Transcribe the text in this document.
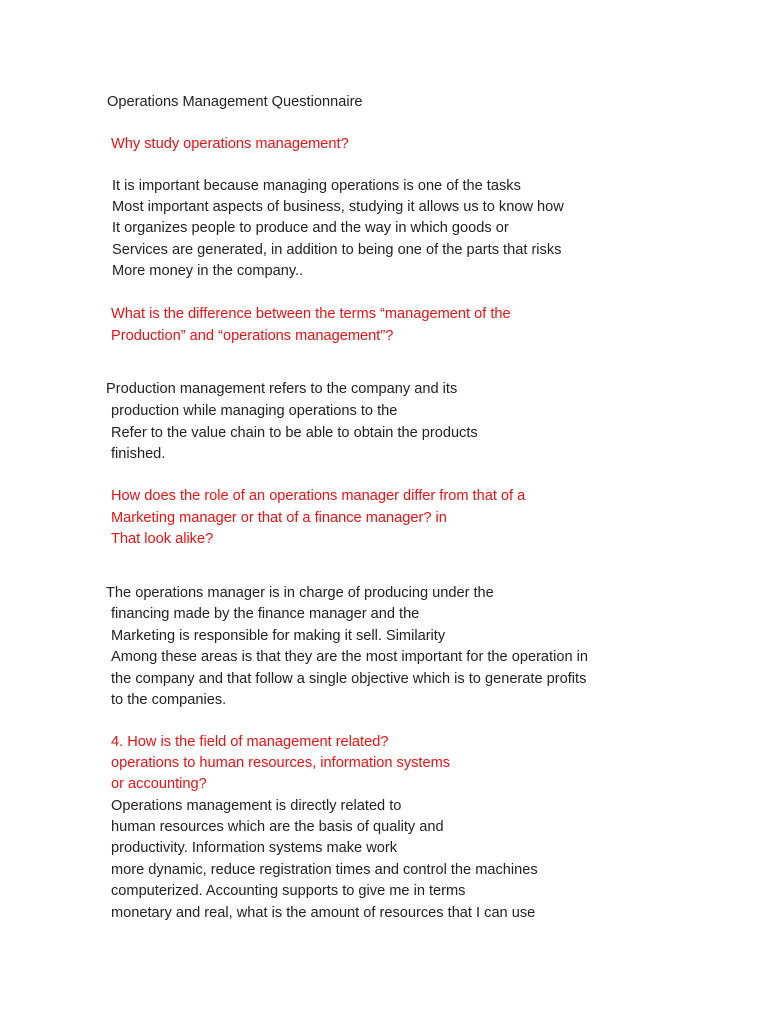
Operations Management Questionnaire
Why study operations management?
It is important because managing operations is one of the tasks
Most important aspects of business, studying it allows us to know how
It organizes people to produce and the way in which goods or
Services are generated, in addition to being one of the parts that risks
More money in the company..
What is the difference between the terms “management of the
Production” and “operations management”?
Production management refers to the company and its
production while managing operations to the
Refer to the value chain to be able to obtain the products
finished.
How does the role of an operations manager differ from that of a
Marketing manager or that of a finance manager? in
That look alike?
The operations manager is in charge of producing under the
financing made by the finance manager and the
Marketing is responsible for making it sell. Similarity
Among these areas is that they are the most important for the operation in
the company and that follow a single objective which is to generate profits
to the companies.
4. How is the field of management related?
operations to human resources, information systems
or accounting?
Operations management is directly related to
human resources which are the basis of quality and
productivity. Information systems make work
more dynamic, reduce registration times and control the machines
computerized. Accounting supports to give me in terms
monetary and real, what is the amount of resources that I can use
